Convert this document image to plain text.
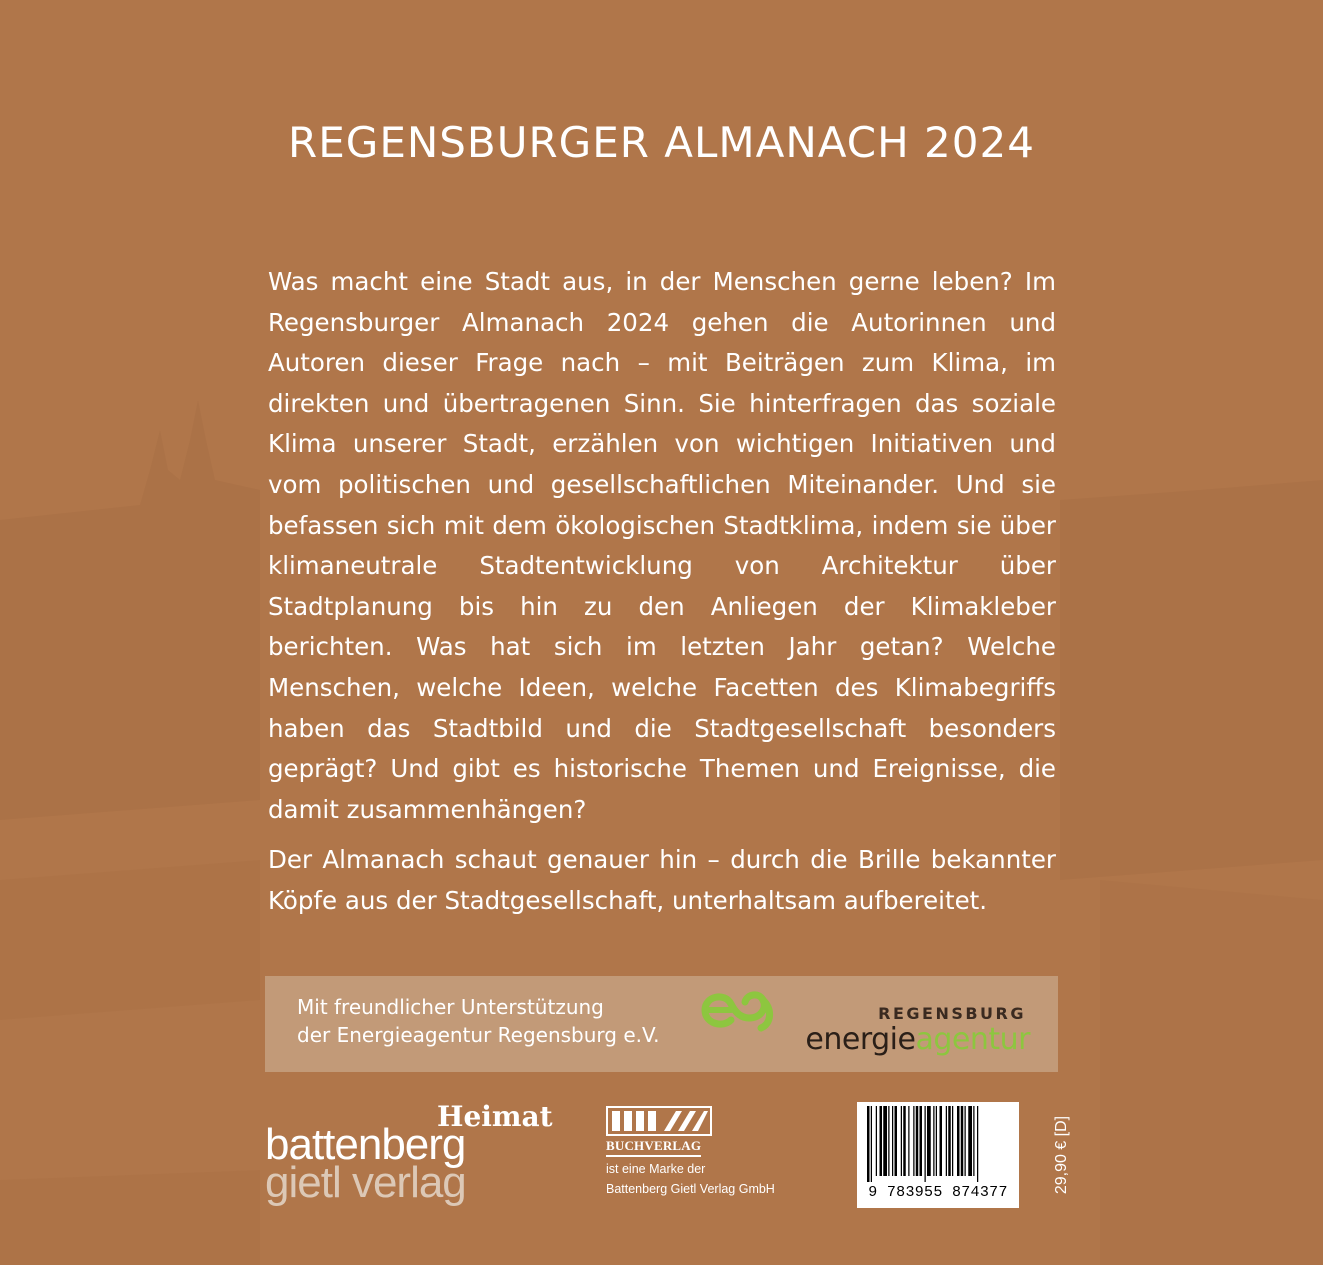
REGENSBURGER ALMANACH 2024

Was macht eine Stadt aus, in der Menschen gerne leben? Im Regensburger Almanach 2024 gehen die Autorinnen und Autoren dieser Frage nach – mit Beiträgen zum Klima, im direkten und übertragenen Sinn. Sie hinterfragen das soziale Klima unserer Stadt, erzählen von wichtigen Initiativen und vom politischen und gesellschaftlichen Miteinander. Und sie befassen sich mit dem ökologischen Stadtklima, indem sie über klimaneutrale Stadtentwicklung von Architektur über Stadtplanung bis hin zu den Anliegen der Klimakleber berichten. Was hat sich im letzten Jahr getan? Welche Menschen, welche Ideen, welche Facetten des Klimabegriffs haben das Stadtbild und die Stadtgesellschaft besonders geprägt? Und gibt es historische Themen und Ereignisse, die damit zusammenhängen?

Der Almanach schaut genauer hin – durch die Brille bekannter Köpfe aus der Stadtgesellschaft, unterhaltsam aufbereitet.

Mit freundlicher Unterstützung
der Energieagentur Regensburg e.V.
REGENSBURG
energieagentur
Heimat
battenberg
gietl verlag
BUCHVERLAG
ist eine Marke der
Battenberg Gietl Verlag GmbH	9 783955 874377	29,90 € [D]
